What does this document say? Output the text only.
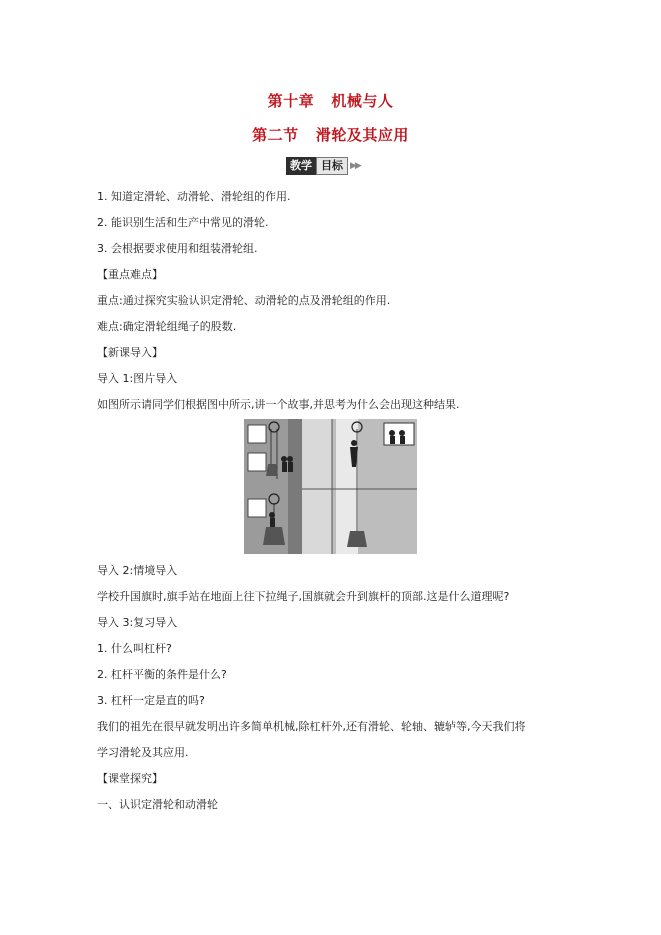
第十章   机械与人
第二节   滑轮及其应用
教学 目标 ▶▶
1. 知道定滑轮、动滑轮、滑轮组的作用.
2. 能识别生活和生产中常见的滑轮.
3. 会根据要求使用和组装滑轮组.
【重点难点】
重点:通过探究实验认识定滑轮、动滑轮的点及滑轮组的作用.
难点:确定滑轮组绳子的股数.
【新课导入】
导入 1:图片导入
如图所示请同学们根据图中所示,讲一个故事,并思考为什么会出现这种结果.
导入 2:情境导入
学校升国旗时,旗手站在地面上往下拉绳子,国旗就会升到旗杆的顶部.这是什么道理呢?
导入 3:复习导入
1. 什么叫杠杆?
2. 杠杆平衡的条件是什么?
3. 杠杆一定是直的吗?
我们的祖先在很早就发明出许多简单机械,除杠杆外,还有滑轮、轮轴、辘轳等,今天我们将
学习滑轮及其应用.
【课堂探究】
一、认识定滑轮和动滑轮
